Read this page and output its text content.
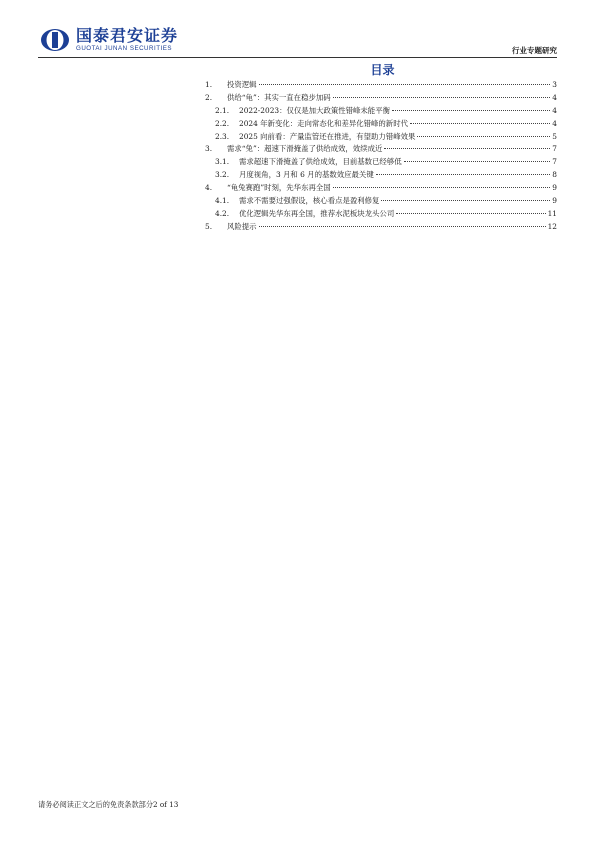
国泰君安证券
GUOTAI JUNAN SECURITIES	行业专题研究
目录
1.	投资逻辑	3
2.	供给“龟”：其实一直在稳步加码	4
2.1.	2022-2023：仅仅是加大政策性错峰未能平衡	4
2.2.	2024 年新变化：走向常态化和差异化错峰的新时代	4
2.3.	2025 向前看：产量监管还在推进，有望助力错峰效果	5
3.	需求“兔”：超速下滑掩盖了供给成效，效续成近	7
3.1.	需求超速下滑掩盖了供给成效，目前基数已经够低	7
3.2.	月度视角，3 月和 6 月的基数效应最关键	8
4.	“龟兔赛跑”时刻，先华东再全国	9
4.1.	需求不需要过强假设，核心看点是盈利修复	9
4.2.	优化逻辑先华东再全国，推荐水泥板块龙头公司	11
5.	风险提示	12
请务必阅读正文之后的免责条款部分2 of 13
